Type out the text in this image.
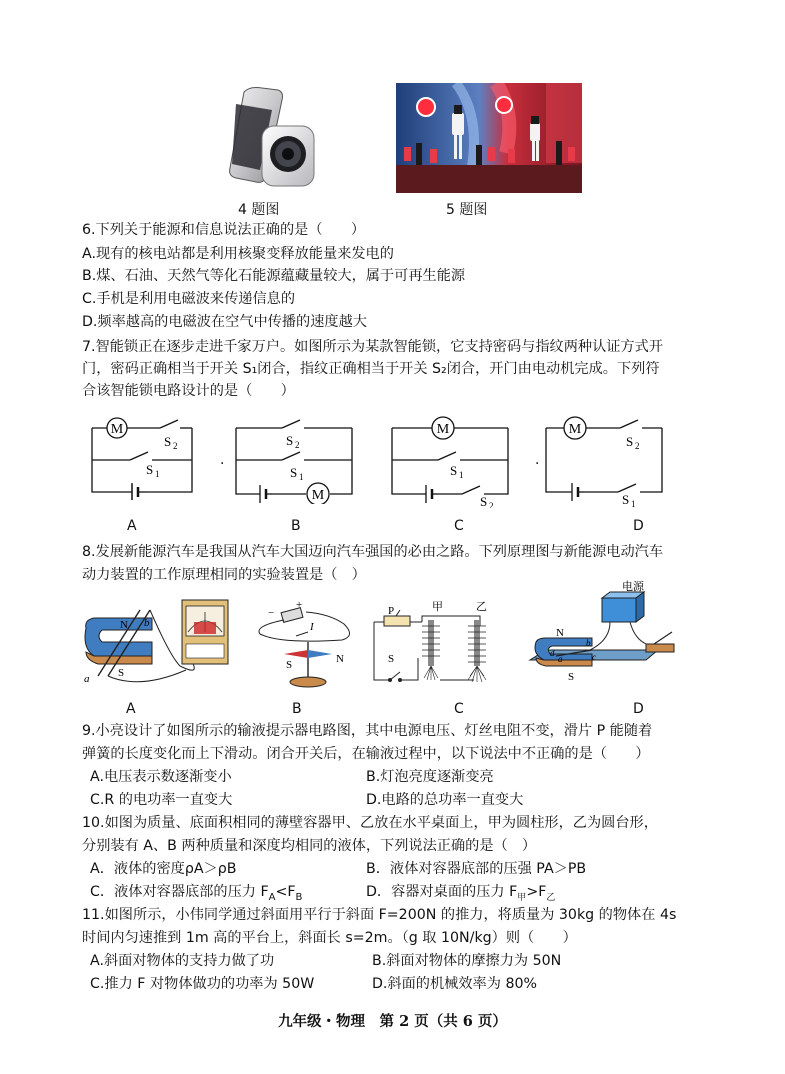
4 题图	5 题图
6.下列关于能源和信息说法正确的是（　　）
A.现有的核电站都是利用核聚变释放能量来发电的
B.煤、石油、天然气等化石能源蕴藏量较大，属于可再生能源
C.手机是利用电磁波来传递信息的
D.频率越高的电磁波在空气中传播的速度越大
7.智能锁正在逐步走进千家万户。如图所示为某款智能锁，它支持密码与指纹两种认证方式开
门，密码正确相当于开关 S₁闭合，指纹正确相当于开关 S₂闭合，开门由电动机完成。下列符
合该智能锁电路设计的是（　　）
M
S 2
S 1
A
.
M
S 2
S 1
B
M
S 1
S 2
C
.
M
S 2
S 1
D
8.发展新能源汽车是我国从汽车大国迈向汽车强国的必由之路。下列原理图与新能源电动汽车
动力装置的工作原理相同的实验装置是（　）
N
S
a
b
A
+
−
I
S	N
B
P	甲	乙
S
C
电源
N
S
a
b
c
d
D
9.小亮设计了如图所示的输液提示器电路图，其中电源电压、灯丝电阻不变，滑片 P 能随着
弹簧的长度变化而上下滑动。闭合开关后，在输液过程中，以下说法中不正确的是（　　）
A.电压表示数逐渐变小	B.灯泡亮度逐渐变亮
C.R 的电功率一直变大	D.电路的总功率一直变大
10.如图为质量、底面积相同的薄壁容器甲、乙放在水平桌面上，甲为圆柱形，乙为圆台形，
分别装有 A、B 两种质量和深度均相同的液体，下列说法正确的是（　）
A．液体的密度ρA＞ρB	B．液体对容器底部的压强 PA＞PB
C．液体对容器底部的压力 $F_A<F_B$	D．容器对桌面的压力 $F_甲>F_乙$
11.如图所示，小伟同学通过斜面用平行于斜面 F=200N 的推力，将质量为 30kg 的物体在 4s
时间内匀速推到 1m 高的平台上，斜面长 s=2m。（g 取 10N/kg）则（　　）
A.斜面对物体的支持力做了功	B.斜面对物体的摩擦力为 50N
C.推力 F 对物体做功的功率为 50W	D.斜面的机械效率为 80%
九年级・物理　第 2 页（共 6 页）
